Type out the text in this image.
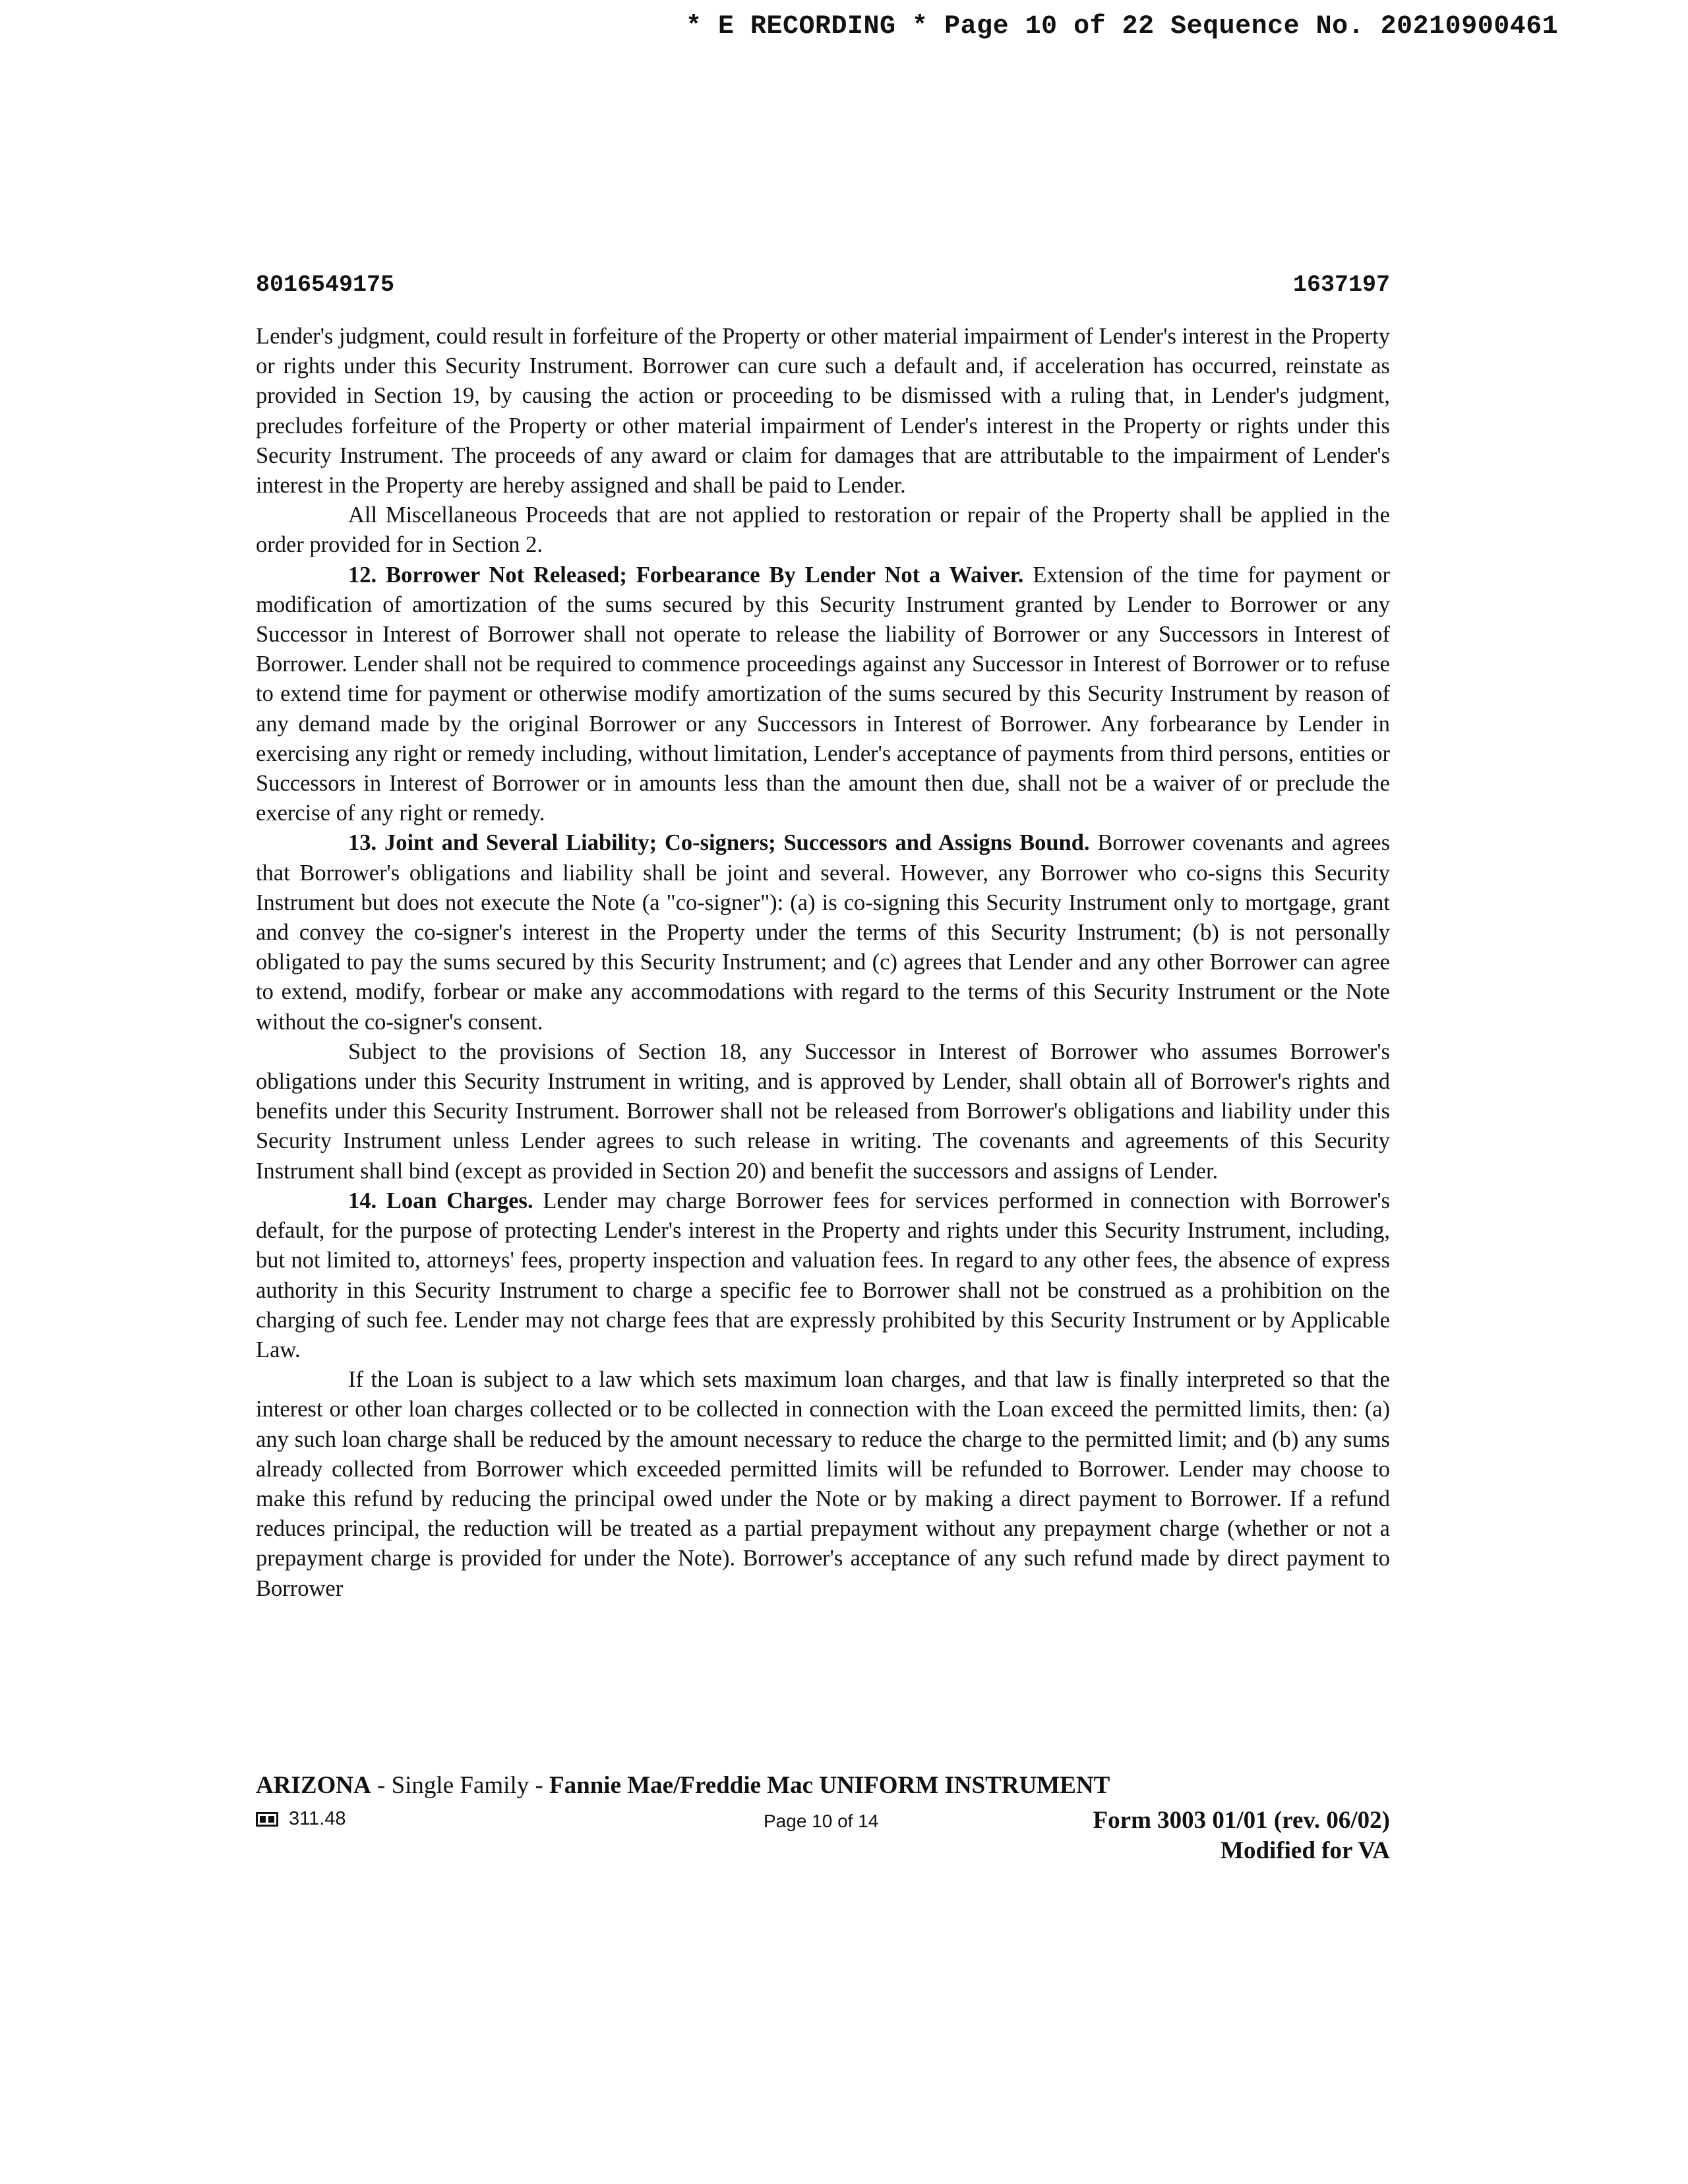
* E RECORDING * Page 10 of 22 Sequence No. 20210900461
8016549175	1637197

Lender's judgment, could result in forfeiture of the Property or other material impairment of Lender's interest in the Property or rights under this Security Instrument. Borrower can cure such a default and, if acceleration has occurred, reinstate as provided in Section 19, by causing the action or proceeding to be dismissed with a ruling that, in Lender's judgment, precludes forfeiture of the Property or other material impairment of Lender's interest in the Property or rights under this Security Instrument. The proceeds of any award or claim for damages that are attributable to the impairment of Lender's interest in the Property are hereby assigned and shall be paid to Lender.

All Miscellaneous Proceeds that are not applied to restoration or repair of the Property shall be applied in the order provided for in Section 2.

12. Borrower Not Released; Forbearance By Lender Not a Waiver. Extension of the time for payment or modification of amortization of the sums secured by this Security Instrument granted by Lender to Borrower or any Successor in Interest of Borrower shall not operate to release the liability of Borrower or any Successors in Interest of Borrower. Lender shall not be required to commence proceedings against any Successor in Interest of Borrower or to refuse to extend time for payment or otherwise modify amortization of the sums secured by this Security Instrument by reason of any demand made by the original Borrower or any Successors in Interest of Borrower. Any forbearance by Lender in exercising any right or remedy including, without limitation, Lender's acceptance of payments from third persons, entities or Successors in Interest of Borrower or in amounts less than the amount then due, shall not be a waiver of or preclude the exercise of any right or remedy.

13. Joint and Several Liability; Co-signers; Successors and Assigns Bound. Borrower covenants and agrees that Borrower's obligations and liability shall be joint and several. However, any Borrower who co-signs this Security Instrument but does not execute the Note (a "co-signer"): (a) is co-signing this Security Instrument only to mortgage, grant and convey the co-signer's interest in the Property under the terms of this Security Instrument; (b) is not personally obligated to pay the sums secured by this Security Instrument; and (c) agrees that Lender and any other Borrower can agree to extend, modify, forbear or make any accommodations with regard to the terms of this Security Instrument or the Note without the co-signer's consent.

Subject to the provisions of Section 18, any Successor in Interest of Borrower who assumes Borrower's obligations under this Security Instrument in writing, and is approved by Lender, shall obtain all of Borrower's rights and benefits under this Security Instrument. Borrower shall not be released from Borrower's obligations and liability under this Security Instrument unless Lender agrees to such release in writing. The covenants and agreements of this Security Instrument shall bind (except as provided in Section 20) and benefit the successors and assigns of Lender.

14. Loan Charges. Lender may charge Borrower fees for services performed in connection with Borrower's default, for the purpose of protecting Lender's interest in the Property and rights under this Security Instrument, including, but not limited to, attorneys' fees, property inspection and valuation fees. In regard to any other fees, the absence of express authority in this Security Instrument to charge a specific fee to Borrower shall not be construed as a prohibition on the charging of such fee. Lender may not charge fees that are expressly prohibited by this Security Instrument or by Applicable Law.

If the Loan is subject to a law which sets maximum loan charges, and that law is finally interpreted so that the interest or other loan charges collected or to be collected in connection with the Loan exceed the permitted limits, then: (a) any such loan charge shall be reduced by the amount necessary to reduce the charge to the permitted limit; and (b) any sums already collected from Borrower which exceeded permitted limits will be refunded to Borrower. Lender may choose to make this refund by reducing the principal owed under the Note or by making a direct payment to Borrower. If a refund reduces principal, the reduction will be treated as a partial prepayment without any prepayment charge (whether or not a prepayment charge is provided for under the Note). Borrower's acceptance of any such refund made by direct payment to Borrower

ARIZONA - Single Family - Fannie Mae/Freddie Mac UNIFORM INSTRUMENT
311.48	Page 10 of 14	Form 3003 01/01 (rev. 06/02)
Modified for VA
